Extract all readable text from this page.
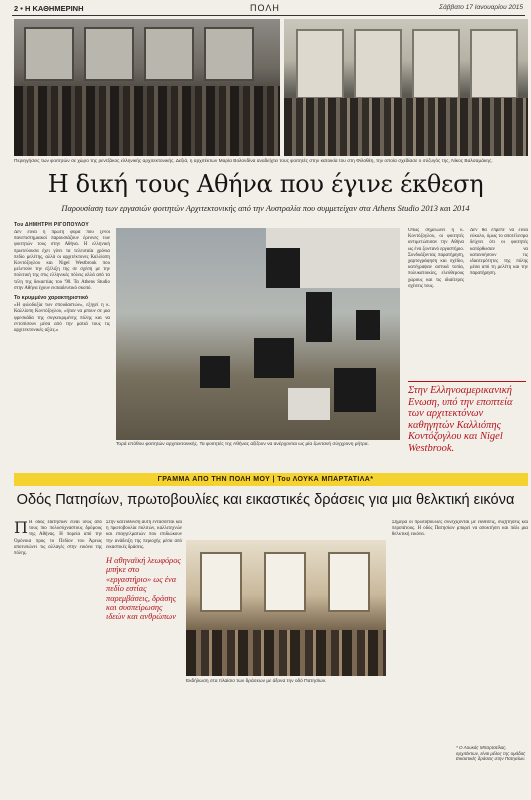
2 • Η ΚΑΘΗΜΕΡΙΝΗ	ΠΟΛΗ	Σάββατο 17 Ιανουαρίου 2015
Περιηγήσεις των φοιτητών σε χώρο της ρεντζάκος ελληνικής αρχιτεκτονικής. Δεξιά, η αρχιτέκτων Μαρία Βολονδίνα αναδείχτει τους φοιτητές στην κατοικία του στη Φιλοθέη, την οποία σχεδίασε ο σύζυγός της, Νίκος Βαλσαμάκης.
Η δική τους Αθήνα που έγινε έκθεση
Παρουσίαση των εργασιών φοιτητών Αρχιτεκτονικής από την Αυστραλία που συμμετείχαν στα Athens Studio 2013 και 2014
Του ΔΗΜΗΤΡΗ ΡΙΓΟΠΟΥΛΟΥ
Δεν είναι η πρώτη φορά που ξένοι πανεπιστημιακοί παρουσιάζουν έρευνες των φοιτητών τους στην Αθήνα. Η ελληνική πρωτεύουσα έχει γίνει τα τελευταία χρόνια πεδίο μελέτης, αλλά οι αρχιτέκτονες Καλλίοπη Κοντόζογλου και Nigel Westbrook που μελετούν την εξέλιξη της σε σχέση με την πολιτική της στις ελληνικές πόλεις αλλά από τα τέλη της δεκαετίας του '90. Τα Athens Studio στην Αθήνα έχουν εκπαιδευτικό σκοπό.
Το κρυμμένο χαρακτηριστικό
«Η φιλοδοξία των σπουδαστών», εξηγεί η κ. Καλλίοπη Κοντόζογλου, «ήταν να μπουν σε μια φρεσκάδα της συγκεκριμένης πόλης και να εντοπίσουν μέσα από την ματιά τους τις αρχιτεκτονικές αξίες.»
Τορά επόθου φοιτητών αρχιτεκτονικής. Τα φοιτητές της Αθήνας αξίζουν να ανέρχονται ως μία ζωντανή σύγχρονη μήτρα.
Όπως σημειώνει η κ. Κοντόζογλου, οι φοιτητές αντιμετώπισαν την Αθήνα ως ένα ζωντανό εργαστήριο. Συνδυάζοντας παρατήρηση, χαρτογράφηση και σχέδιο, κατέγραψαν αστικά τοπία, πολυκατοικίες, ελεύθερους χώρους και τις ιδιαίτερες σχέσεις τους.
Δεν θα έπρεπε να είναι εύκολο, όμως το αποτέλεσμα δείχνει ότι οι φοιτητές κατόρθωσαν να κατανοήσουν τις ιδιαιτερότητες της πόλης μέσα από τη μελέτη και την παρατήρηση.
Στην Ελληνοαμερικανική Ενωση, υπό την εποπτεία των αρχιτεκτόνων καθηγητών Καλλιόπης Κοντόζογλου και Nigel Westbrook.
ΓΡΑΜΜΑ ΑΠΟ ΤΗΝ ΠΟΛΗ ΜΟΥ | Του ΛΟΥΚΑ ΜΠΑΡΤΑΤΙΛΑ*
Οδός Πατησίων, πρωτοβουλίες και εικαστικές δράσεις για μια θελκτική εικόνα
Π Η οδός Πατησίων είναι ίσως από τους πιο πολυσύχναστους δρόμους της Αθήνας. Η πορεία από την Ομόνοια προς το Πεδίον του Άρεως αποτυπώνει τις αλλαγές στην εικόνα της πόλης.
Στην κατεύθυνση αυτή εντάσσεται και η πρωτοβουλία πολιτών, καλλιτεχνών και επαγγελματιών που επιδιώκουν την ανάδειξη της περιοχής μέσα από εικαστικές δράσεις.
Η αθηναϊκή λεωφόρος μπήκε στο «εργαστήριο» ως ένα πεδίο εστίας παρεμβάσεις, δράσης και συσπείρωσης ιδεών και ανθρώπων
Εκδήλωση στα πλαίσιο των δράσεων με άξονα την οδό Πατησίων.
Σήμερα οι πρωτοβουλίες συνεχίζονται με εκθέσεις, συζητήσεις και περιπάτους. Η οδός Πατησίων μπορεί να αποκτήσει και πάλι μια θελκτική εικόνα.
* Ο Λουκάς Μπαρτατίλας, αρχιτέκτων, είναι μέλος της ομάδας Εικαστικές δράσεις στην Πατησίων.
